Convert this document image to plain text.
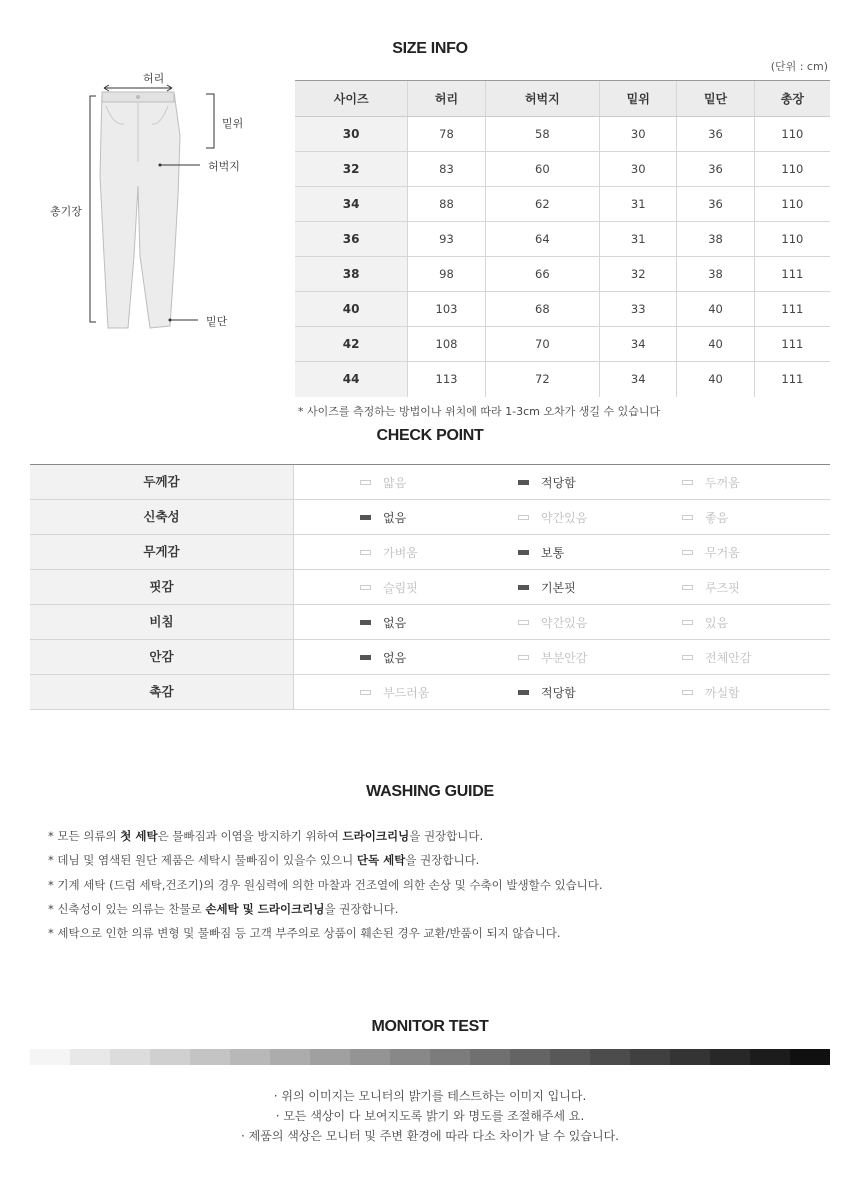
SIZE INFO
(단위 : cm)
허리
밑위
허벅지
총기장
밑단
사이즈	허리	허벅지	밑위	밑단	총장
30	78	58	30	36	110
32	83	60	30	36	110
34	88	62	31	36	110
36	93	64	31	38	110
38	98	66	32	38	111
40	103	68	33	40	111
42	108	70	34	40	111
44	113	72	34	40	111
* 사이즈를 측정하는 방법이나 위치에 따라 1-3cm 오차가 생길 수 있습니다
CHECK POINT
두께감	얇음	적당함	두꺼움
신축성	없음	약간있음	좋음
무게감	가벼움	보통	무거움
핏감	슬림핏	기본핏	루즈핏
비침	없음	약간있음	있음
안감	없음	부분안감	전체안감
촉감	부드러움	적당함	까실함
WASHING GUIDE
* 모든 의류의 첫 세탁은 물빠짐과 이염을 방지하기 위하여 드라이크리닝을 권장합니다.
* 데님 및 염색된 원단 제품은 세탁시 물빠짐이 있을수 있으니 단독 세탁을 권장합니다.
* 기계 세탁 (드럼 세탁,건조기)의 경우 원심력에 의한 마찰과 건조열에 의한 손상 및 수축이 발생할수 있습니다.
* 신축성이 있는 의류는 찬물로 손세탁 및 드라이크리닝을 권장합니다.
* 세탁으로 인한 의류 변형 및 물빠짐 등 고객 부주의로 상품이 훼손된 경우 교환/반품이 되지 않습니다.
MONITOR TEST
· 위의 이미지는 모니터의 밝기를 테스트하는 이미지 입니다.
· 모든 색상이 다 보여지도록 밝기 와 명도를 조절해주세 요.
· 제품의 색상은 모니터 및 주변 환경에 따라 다소 차이가 날 수 있습니다.
